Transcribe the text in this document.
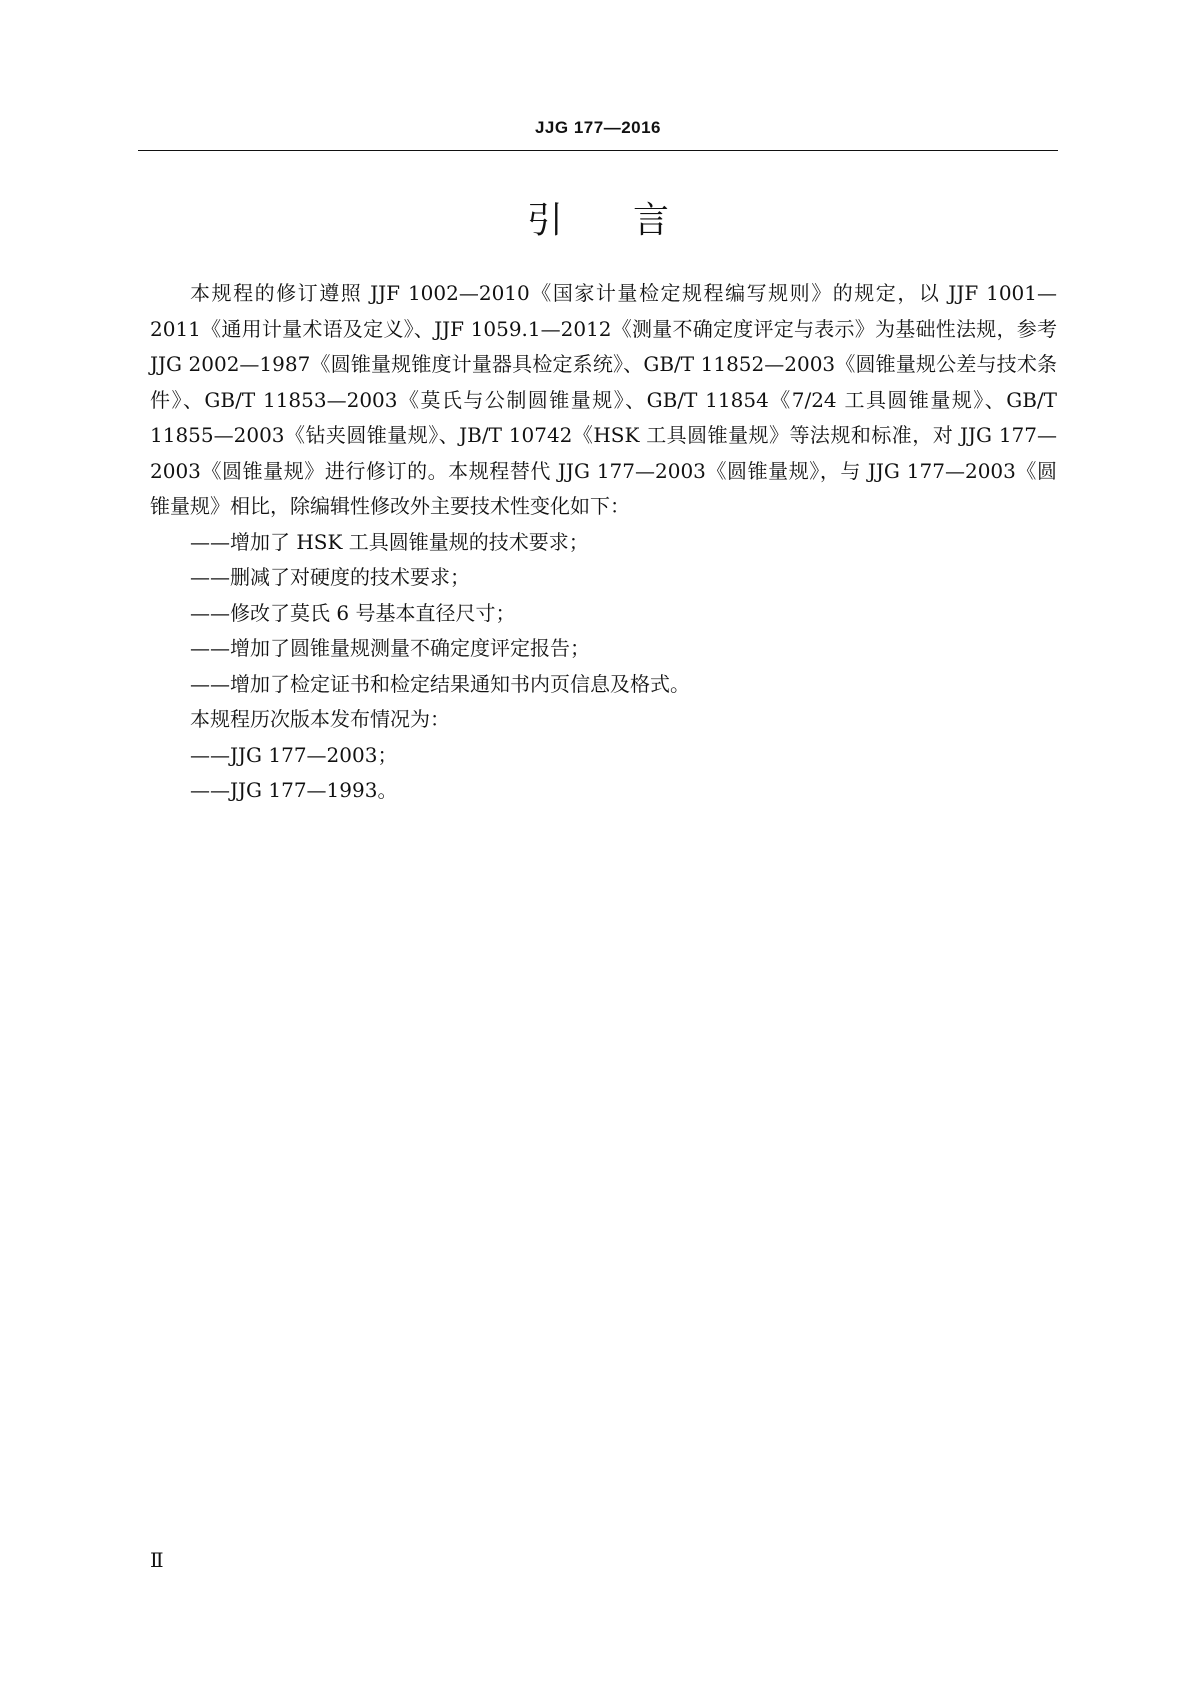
JJG 177—2016
引言

本规程的修订遵照 JJF 1002—2010《国家计量检定规程编写规则》的规定，以 JJF 1001—2011《通用计量术语及定义》、JJF 1059.1—2012《测量不确定度评定与表示》为基础性法规，参考 JJG 2002—1987《圆锥量规锥度计量器具检定系统》、GB/T 11852—2003《圆锥量规公差与技术条件》、GB/T 11853—2003《莫氏与公制圆锥量规》、GB/T 11854《7/24 工具圆锥量规》、GB/T 11855—2003《钻夹圆锥量规》、JB/T 10742《HSK 工具圆锥量规》等法规和标准，对 JJG 177—2003《圆锥量规》进行修订的。本规程替代 JJG 177—2003《圆锥量规》，与 JJG 177—2003《圆锥量规》相比，除编辑性修改外主要技术性变化如下：

——增加了 HSK 工具圆锥量规的技术要求；

——删减了对硬度的技术要求；

——修改了莫氏 6 号基本直径尺寸；

——增加了圆锥量规测量不确定度评定报告；

——增加了检定证书和检定结果通知书内页信息及格式。

本规程历次版本发布情况为：

——JJG 177—2003；

——JJG 177—1993。

Ⅱ
